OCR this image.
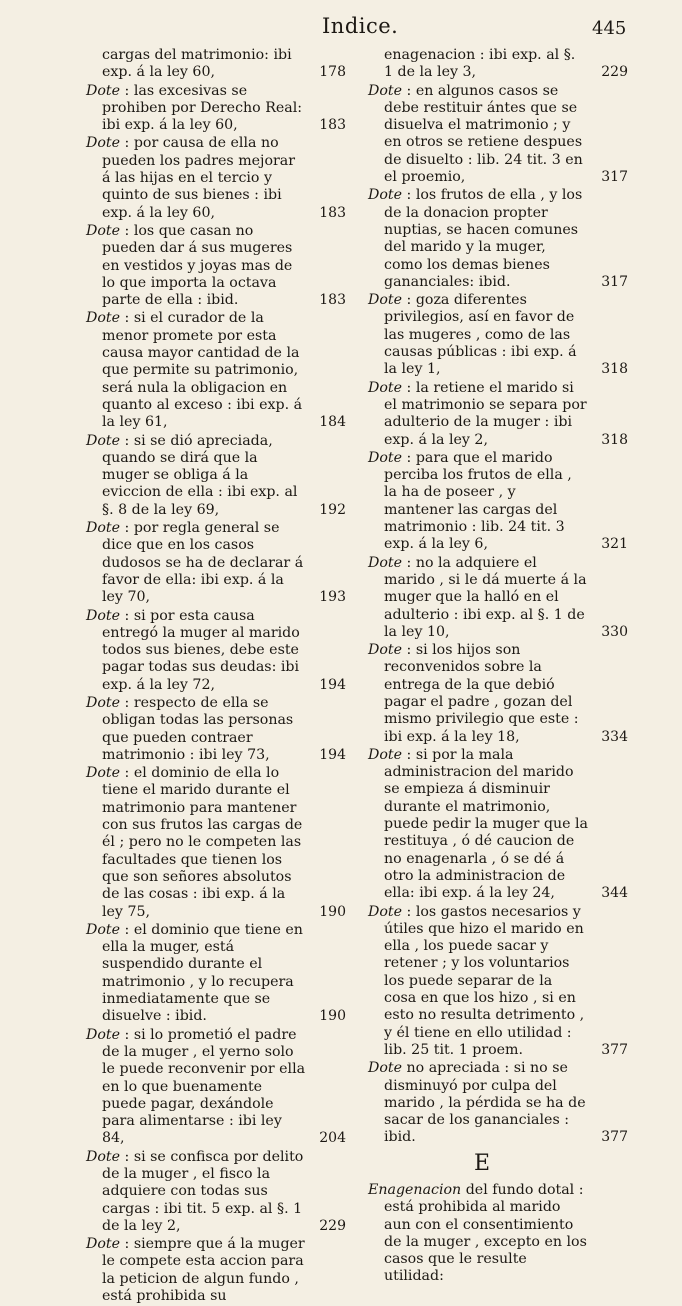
Indice.	445

cargas del matrimonio: ibi exp. á la ley 60,	178

Dote : las excesivas se prohiben por Derecho Real: ibi exp. á la ley 60,	183

Dote : por causa de ella no pueden los padres mejorar á las hijas en el tercio y quinto de sus bienes : ibi exp. á la ley 60,	183

Dote : los que casan no pueden dar á sus mugeres en vestidos y joyas mas de lo que importa la octava parte de ella : ibid.	183

Dote : si el curador de la menor promete por esta causa mayor cantidad de la que permite su patrimonio, será nula la obligacion en quanto al exceso : ibi exp. á la ley 61,	184

Dote : si se dió apreciada, quando se dirá que la muger se obliga á la eviccion de ella : ibi exp. al §. 8 de la ley 69,	192

Dote : por regla general se dice que en los casos dudosos se ha de declarar á favor de ella: ibi exp. á la ley 70,	193

Dote : si por esta causa entregó la muger al marido todos sus bienes, debe este pagar todas sus deudas: ibi exp. á la ley 72,	194

Dote : respecto de ella se obligan todas las personas que pueden contraer matrimonio : ibi ley 73,	194

Dote : el dominio de ella lo tiene el marido durante el matrimonio para mantener con sus frutos las cargas de él ; pero no le competen las facultades que tienen los que son señores absolutos de las cosas : ibi exp. á la ley 75,	190

Dote : el dominio que tiene en ella la muger, está suspendido durante el matrimonio , y lo recupera inmediatamente que se disuelve : ibid.	190

Dote : si lo prometió el padre de la muger , el yerno solo le puede reconvenir por ella en lo que buenamente puede pagar, dexándole para alimentarse : ibi ley 84,	204

Dote : si se confisca por delito de la muger , el fisco la adquiere con todas sus cargas : ibi tit. 5 exp. al §. 1 de la ley 2,	229

Dote : siempre que á la muger le compete esta accion para la peticion de algun fundo , está prohibida su

enagenacion : ibi exp. al §. 1 de la ley 3,	229

Dote : en algunos casos se debe restituir ántes que se disuelva el matrimonio ; y en otros se retiene despues de disuelto : lib. 24 tit. 3 en el proemio,	317

Dote : los frutos de ella , y los de la donacion propter nuptias, se hacen comunes del marido y la muger, como los demas bienes gananciales: ibid.	317

Dote : goza diferentes privilegios, así en favor de las mugeres , como de las causas públicas : ibi exp. á la ley 1,	318

Dote : la retiene el marido si el matrimonio se separa por adulterio de la muger : ibi exp. á la ley 2,	318

Dote : para que el marido perciba los frutos de ella , la ha de poseer , y mantener las cargas del matrimonio : lib. 24 tit. 3 exp. á la ley 6,	321

Dote : no la adquiere el marido , si le dá muerte á la muger que la halló en el adulterio : ibi exp. al §. 1 de la ley 10,	330

Dote : si los hijos son reconvenidos sobre la entrega de la que debió pagar el padre , gozan del mismo privilegio que este : ibi exp. á la ley 18,	334

Dote : si por la mala administracion del marido se empieza á disminuir durante el matrimonio, puede pedir la muger que la restituya , ó dé caucion de no enagenarla , ó se dé á otro la administracion de ella: ibi exp. á la ley 24,	344

Dote : los gastos necesarios y útiles que hizo el marido en ella , los puede sacar y retener ; y los voluntarios los puede separar de la cosa en que los hizo , si en esto no resulta detrimento , y él tiene en ello utilidad : lib. 25 tit. 1 proem.	377

Dote no apreciada : si no se disminuyó por culpa del marido , la pérdida se ha de sacar de los gananciales : ibid.	377

E

Enagenacion del fundo dotal : está prohibida al marido aun con el consentimiento de la muger , excepto en los casos que le resulte utilidad:
